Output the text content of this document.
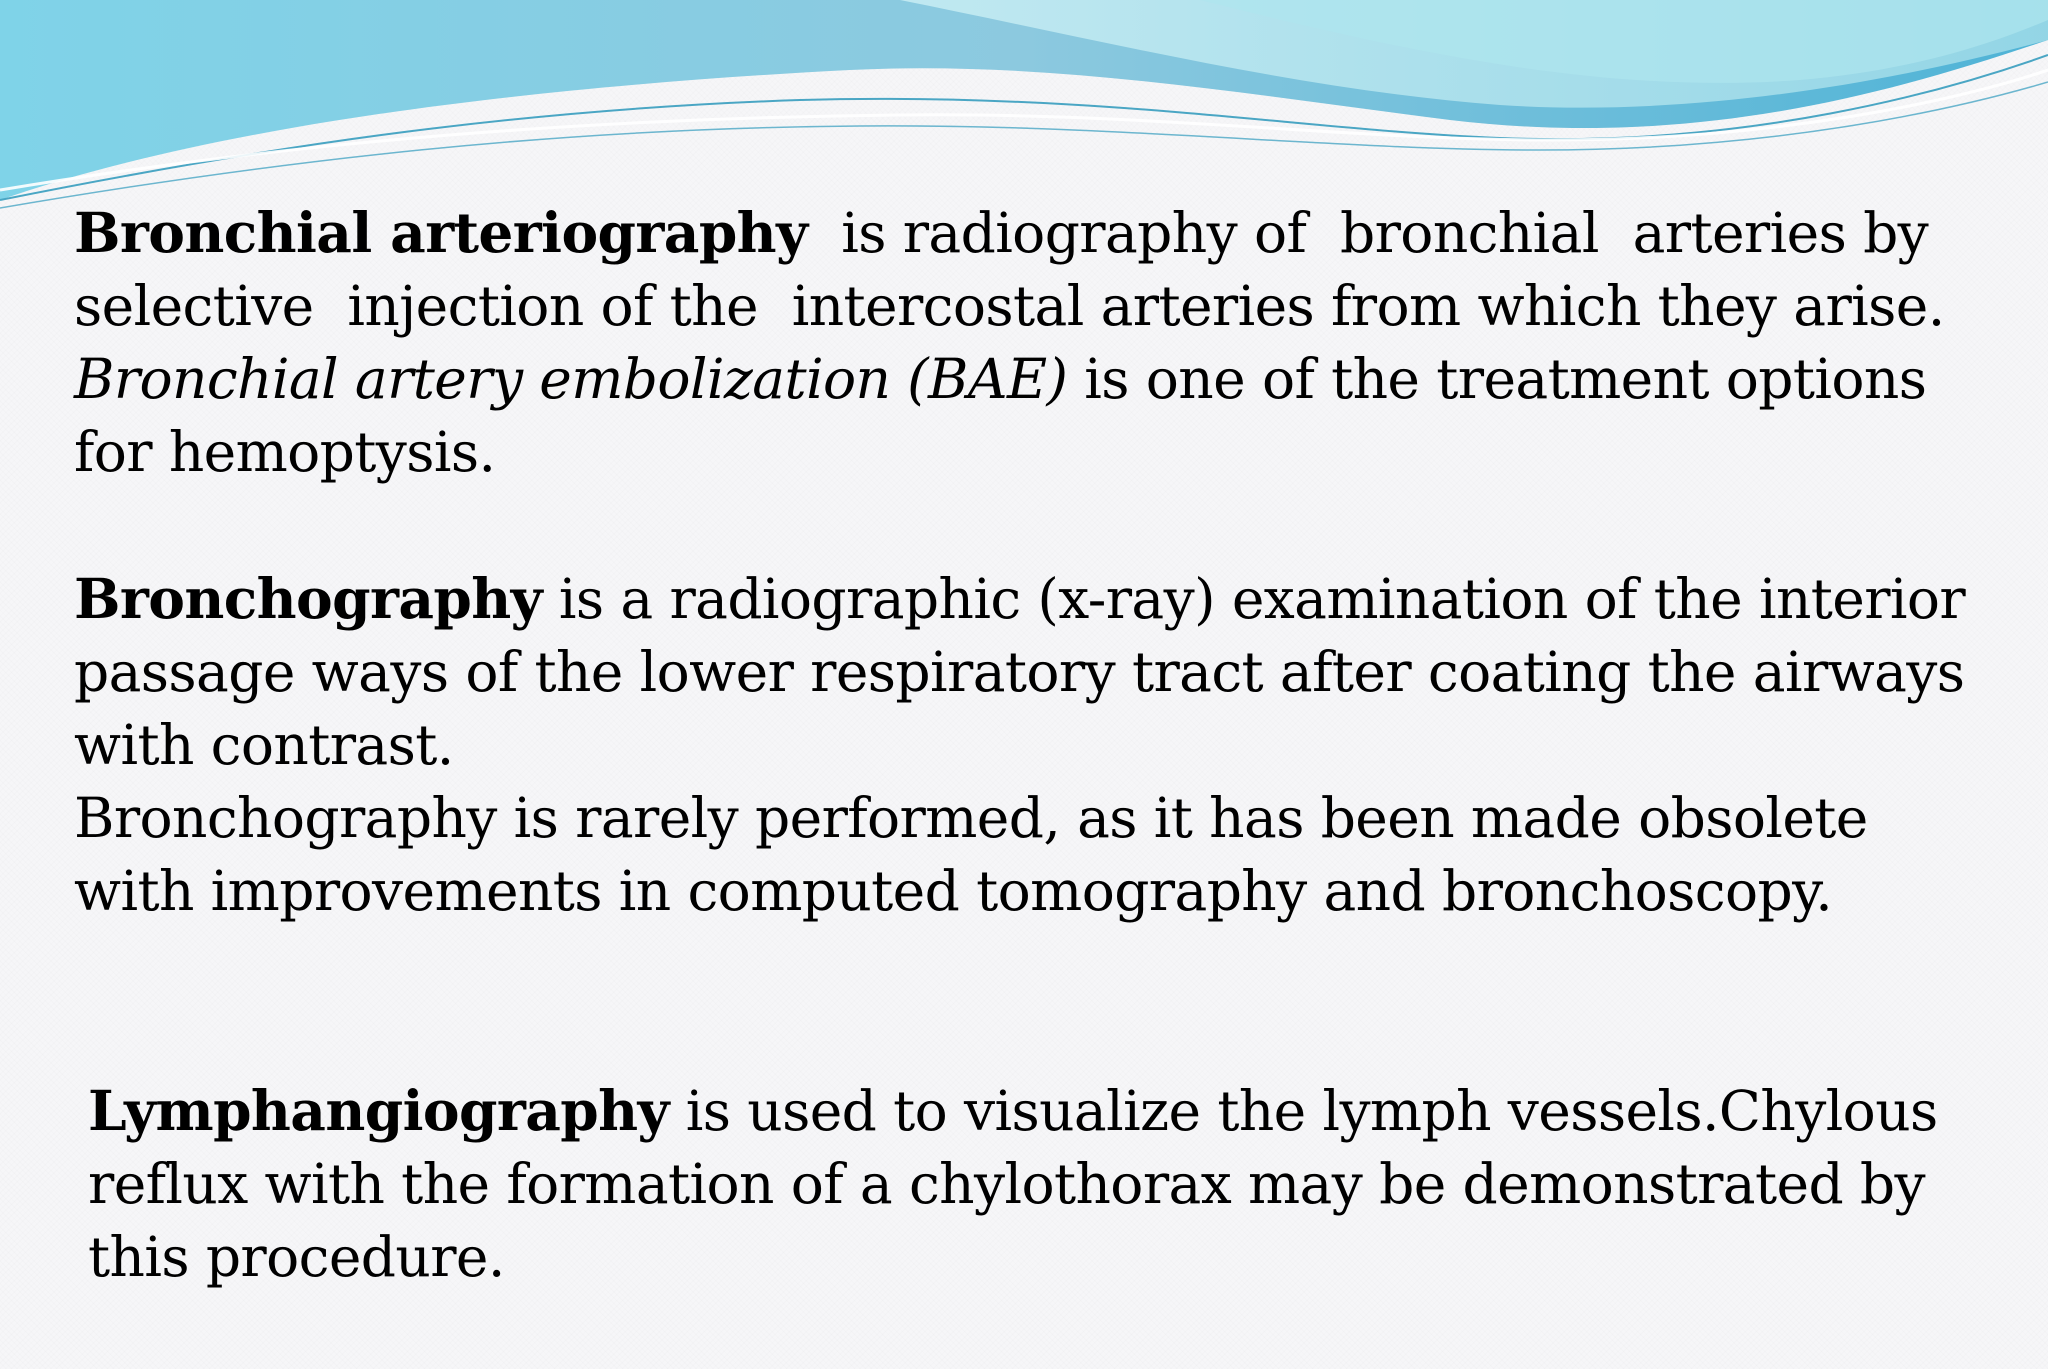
Bronchial arteriography  is radiography of  bronchial  arteries by selective  injection of the  intercostal arteries from which they arise.

Bronchial artery embolization (BAE) is one of the treatment options for hemoptysis.

Bronchography is a radiographic (x-ray) examination of the interior passage ways of the lower respiratory tract after coating the airways with contrast.

Bronchography is rarely performed, as it has been made obsolete with improvements in computed tomography and bronchoscopy.

Lymphangiography is used to visualize the lymph vessels.Chylous reflux with the formation of a chylothorax may be demonstrated by this procedure.
